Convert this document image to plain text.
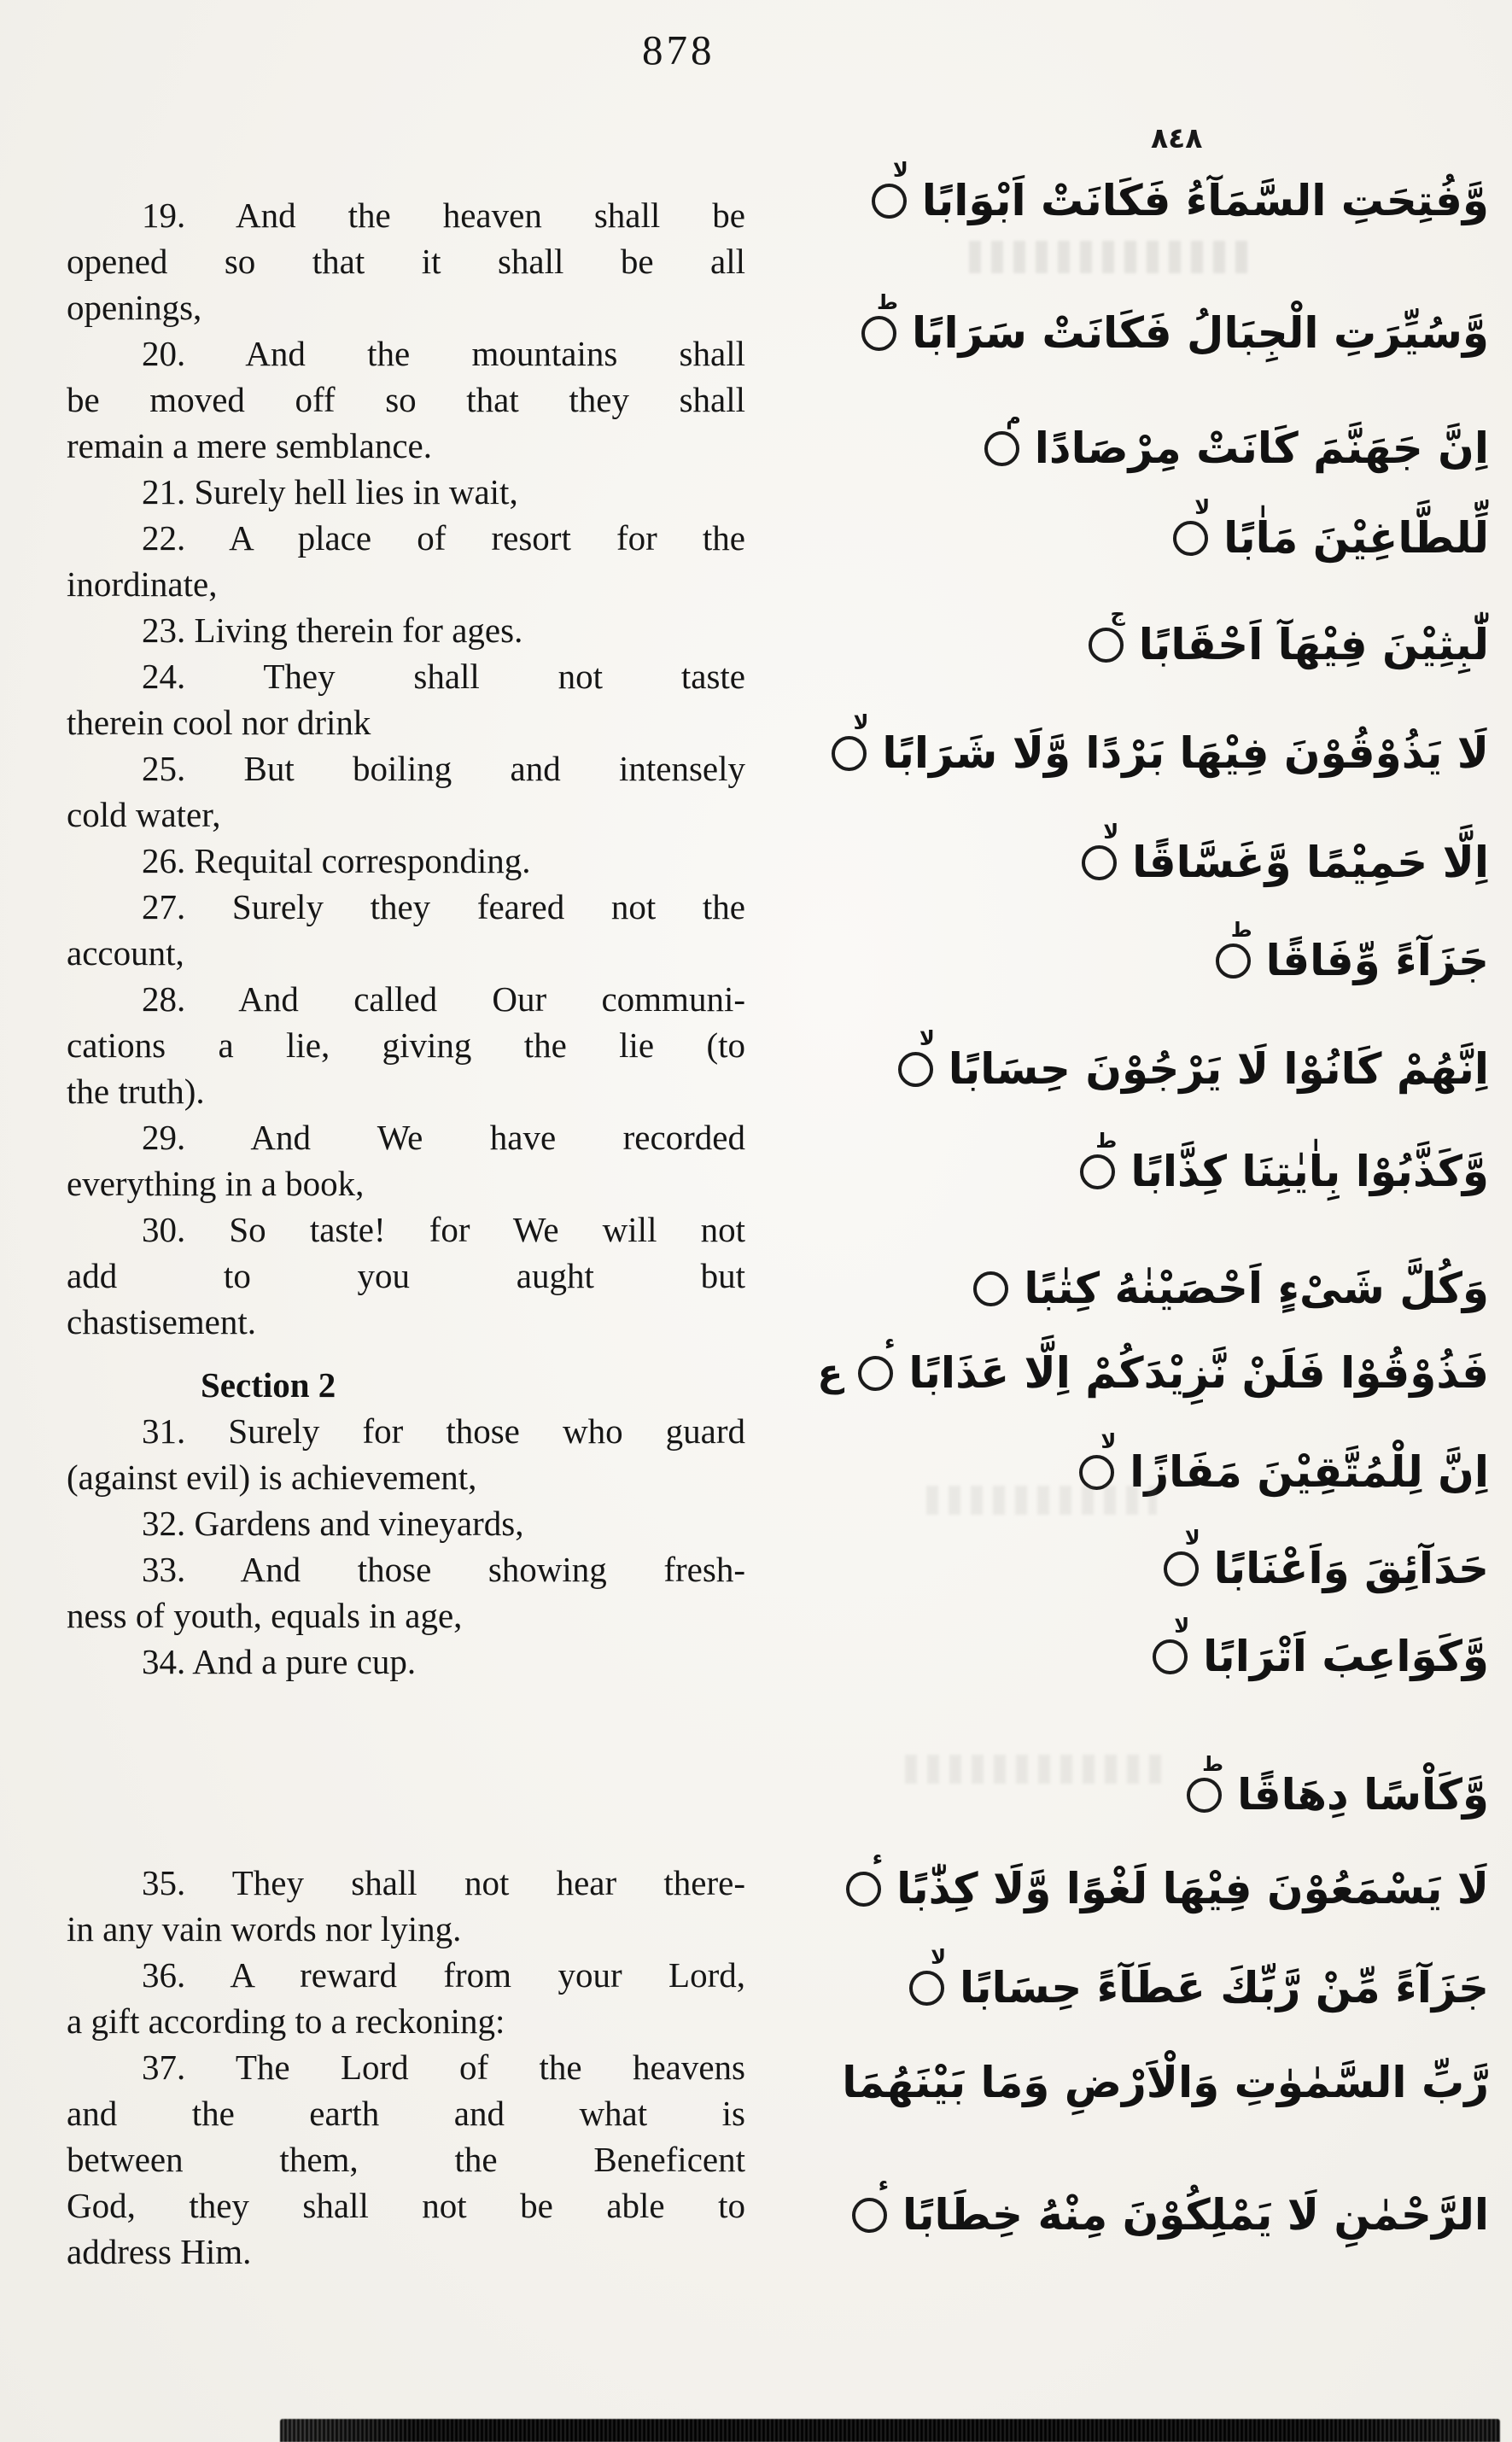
878
٨٤٨
19. And the heaven shall be
opened so that it shall be all
openings,
20. And the mountains shall
be moved off so that they shall
remain a mere semblance.
21. Surely hell lies in wait,
22. A place of resort for the
inordinate,
23. Living therein for ages.
24. They shall not taste
therein cool nor drink
25. But boiling and intensely
cold water,
26. Requital corresponding.
27. Surely they feared not the
account,
28. And called Our communi-
cations a lie, giving the lie (to
the truth).
29. And We have recorded
everything in a book,
30. So taste! for We will not
add to you aught but
chastisement.
Section 2
31. Surely for those who guard
(against evil) is achievement,
32. Gardens and vineyards,
33. And those showing fresh-
ness of youth, equals in age,
34. And a pure cup.
35. They shall not hear there-
in any vain words nor lying.
36. A reward from your Lord,
a gift according to a reckoning:
37. The Lord of the heavens
and the earth and what is
between them, the Beneficent
God, they shall not be able to
address Him.
وَّفُتِحَتِ السَّمَآءُ فَكَانَتْ اَبْوَابًا
لا
وَّسُيِّرَتِ الْجِبَالُ فَكَانَتْ سَرَابًا
ط
اِنَّ جَهَنَّمَ كَانَتْ مِرْصَادًا
م
لِّلطَّاغِيْنَ مَاٰبًا
لا
لّٰبِثِيْنَ فِيْهَآ اَحْقَابًا
ج
لَا يَذُوْقُوْنَ فِيْهَا بَرْدًا وَّلَا شَرَابًا
لا
اِلَّا حَمِيْمًا وَّغَسَّاقًا
لا
جَزَآءً وِّفَاقًا
ط
اِنَّهُمْ كَانُوْا لَا يَرْجُوْنَ حِسَابًا
لا
وَّكَذَّبُوْا بِاٰيٰتِنَا كِذَّابًا
ط
وَكُلَّ شَىْءٍ اَحْصَيْنٰهُ كِتٰبًا
فَذُوْقُوْا فَلَنْ نَّزِيْدَكُمْ اِلَّا عَذَابًا
ء
ع
اِنَّ لِلْمُتَّقِيْنَ مَفَازًا
لا
حَدَآئِقَ وَاَعْنَابًا
لا
وَّكَوَاعِبَ اَتْرَابًا
لا
وَّكَاْسًا دِهَاقًا
ط
لَا يَسْمَعُوْنَ فِيْهَا لَغْوًا وَّلَا كِذّٰبًا
ء
جَزَآءً مِّنْ رَّبِّكَ عَطَآءً حِسَابًا
لا
رَّبِّ السَّمٰوٰتِ وَالْاَرْضِ وَمَا بَيْنَهُمَا
الرَّحْمٰنِ لَا يَمْلِكُوْنَ مِنْهُ خِطَابًا
ء
